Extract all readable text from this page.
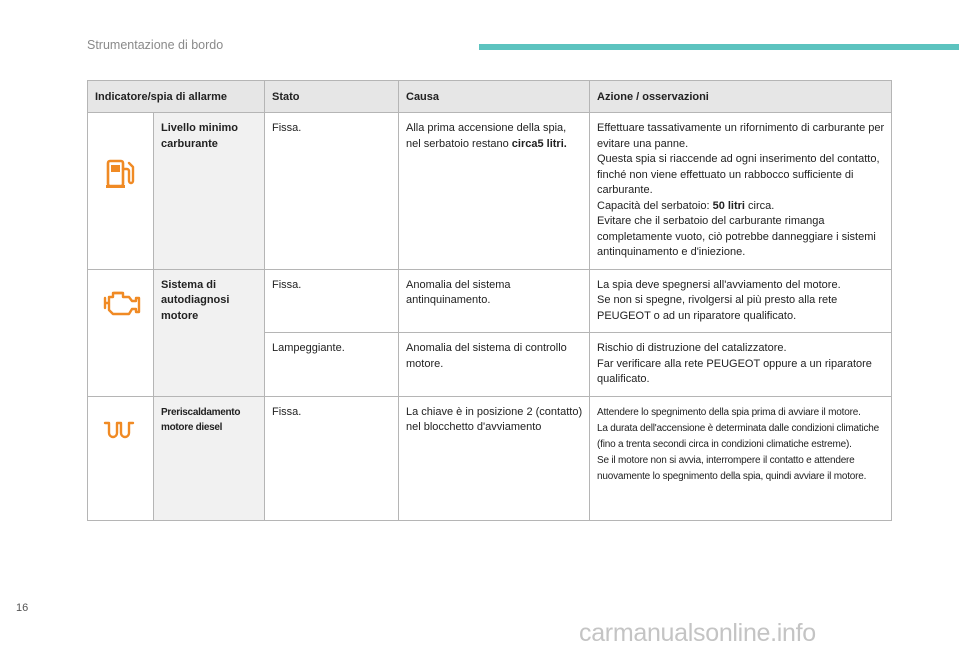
Strumentazione di bordo
Indicatore/spia di allarme		Stato	Causa	Azione / osservazioni

	Livello minimo carburante	Fissa.	Alla prima accensione della spia, nel serbatoio restano circa5 litri.	Effettuare tassativamente un rifornimento di carburante per evitare una panne.
Questa spia si riaccende ad ogni inserimento del contatto, finché non viene effettuato un rabbocco sufficiente di carburante.
Capacità del serbatoio: 50 litri circa.
Evitare che il serbatoio del carburante rimanga completamente vuoto, ciò potrebbe danneggiare i sistemi antinquinamento e d'iniezione.

	Sistema di autodiagnosi motore	Fissa.	Anomalia del sistema antinquinamento.	La spia deve spegnersi all'avviamento del motore.
Se non si spegne, rivolgersi al più presto alla rete PEUGEOT o ad un riparatore qualificato.

		Lampeggiante.	Anomalia del sistema di controllo motore.	Rischio di distruzione del catalizzatore.
Far verificare alla rete PEUGEOT oppure a un riparatore qualificato.

	Preriscaldamento motore diesel	Fissa.	La chiave è in posizione 2 (contatto) nel blocchetto d'avviamento	Attendere lo spegnimento della spia prima di avviare il motore.
La durata dell'accensione è determinata dalle condizioni climatiche (fino a trenta secondi circa in condizioni climatiche estreme).
Se il motore non si avvia, interrompere il contatto e attendere nuovamente lo spegnimento della spia, quindi avviare il motore.
16
carmanualsonline.info
